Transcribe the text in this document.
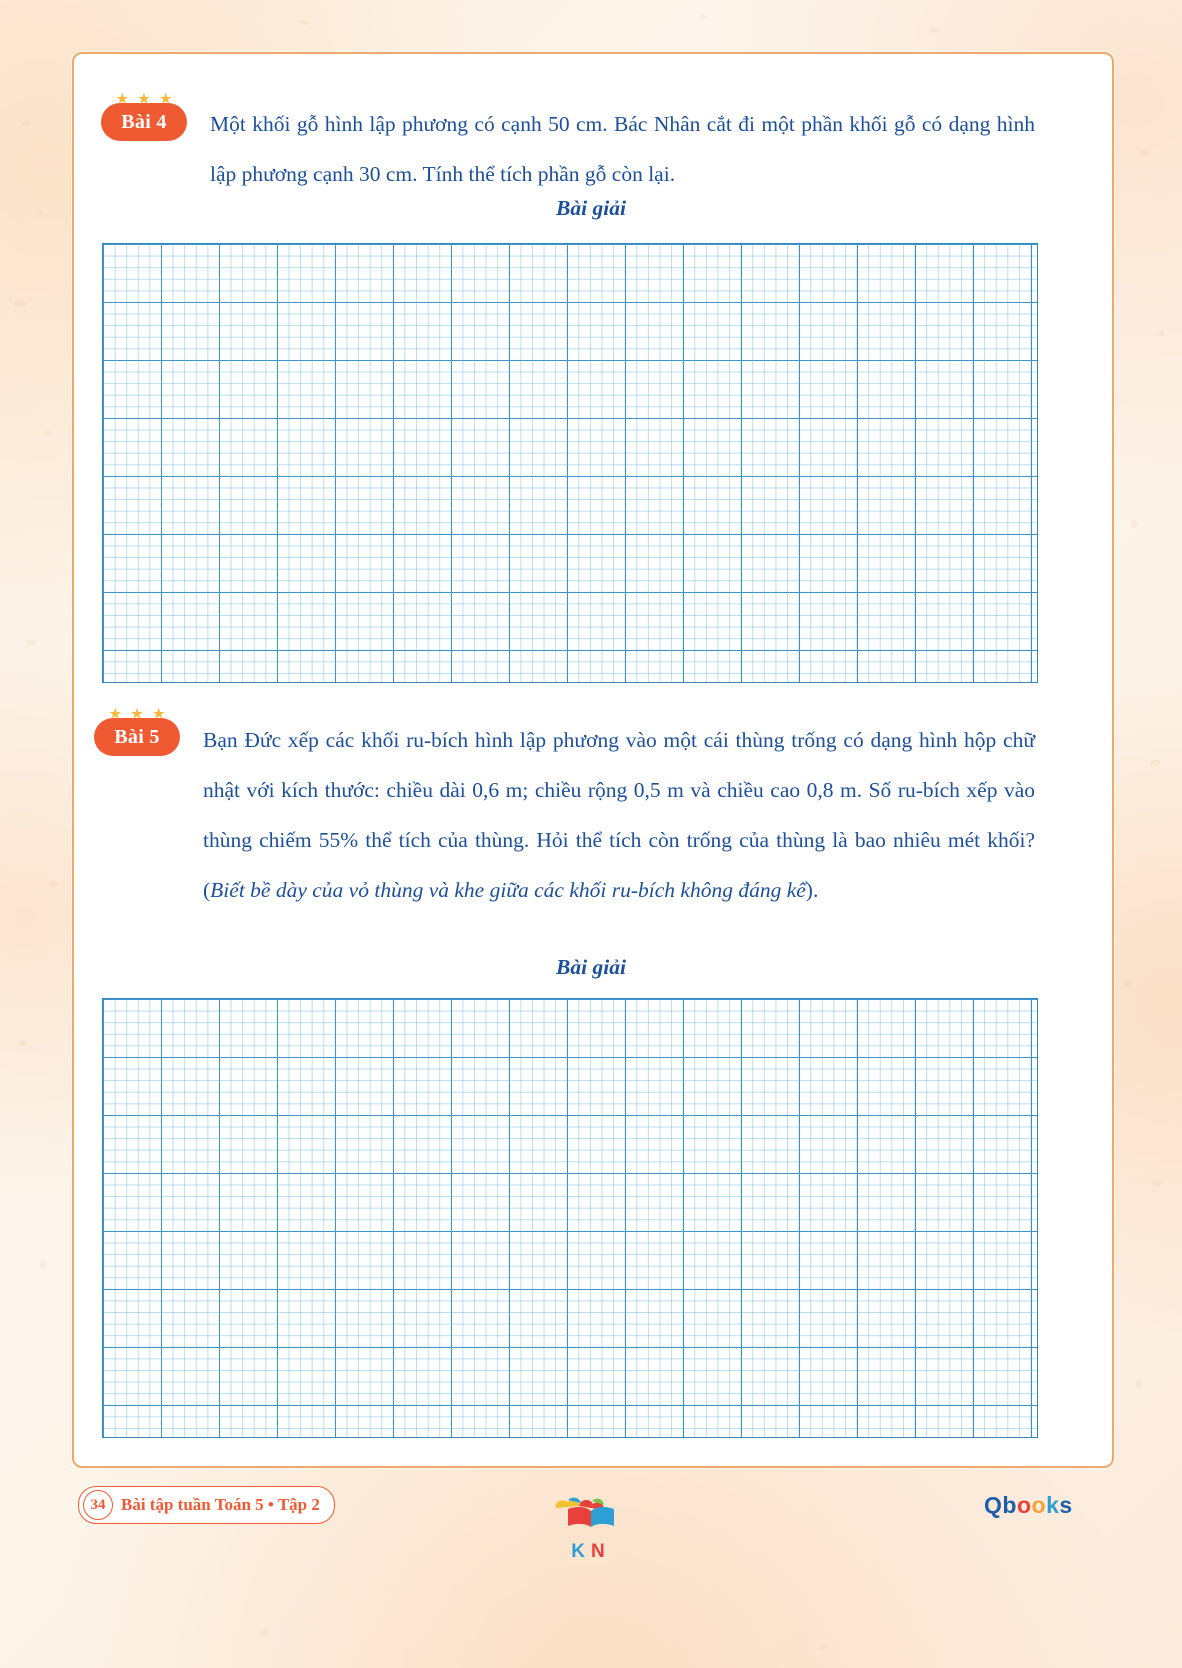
★★★
Bài 4	Một khối gỗ hình lập phương có cạnh 50 cm. Bác Nhân cắt đi một phần khối gỗ có dạng hình lập phương cạnh 30 cm. Tính thể tích phần gỗ còn lại.
Bài giải
★★★
Bài 5	Bạn Đức xếp các khối ru-bích hình lập phương vào một cái thùng trống có dạng hình hộp chữ nhật với kích thước: chiều dài 0,6 m; chiều rộng 0,5 m và chiều cao 0,8 m. Số ru-bích xếp vào thùng chiếm 55% thể tích của thùng. Hỏi thể tích còn trống của thùng là bao nhiêu mét khối? (Biết bề dày của vỏ thùng và khe giữa các khối ru-bích không đáng kể).
Bài giải
34 Bài tập tuần Toán 5 • Tập 2
KN
Qbooks
